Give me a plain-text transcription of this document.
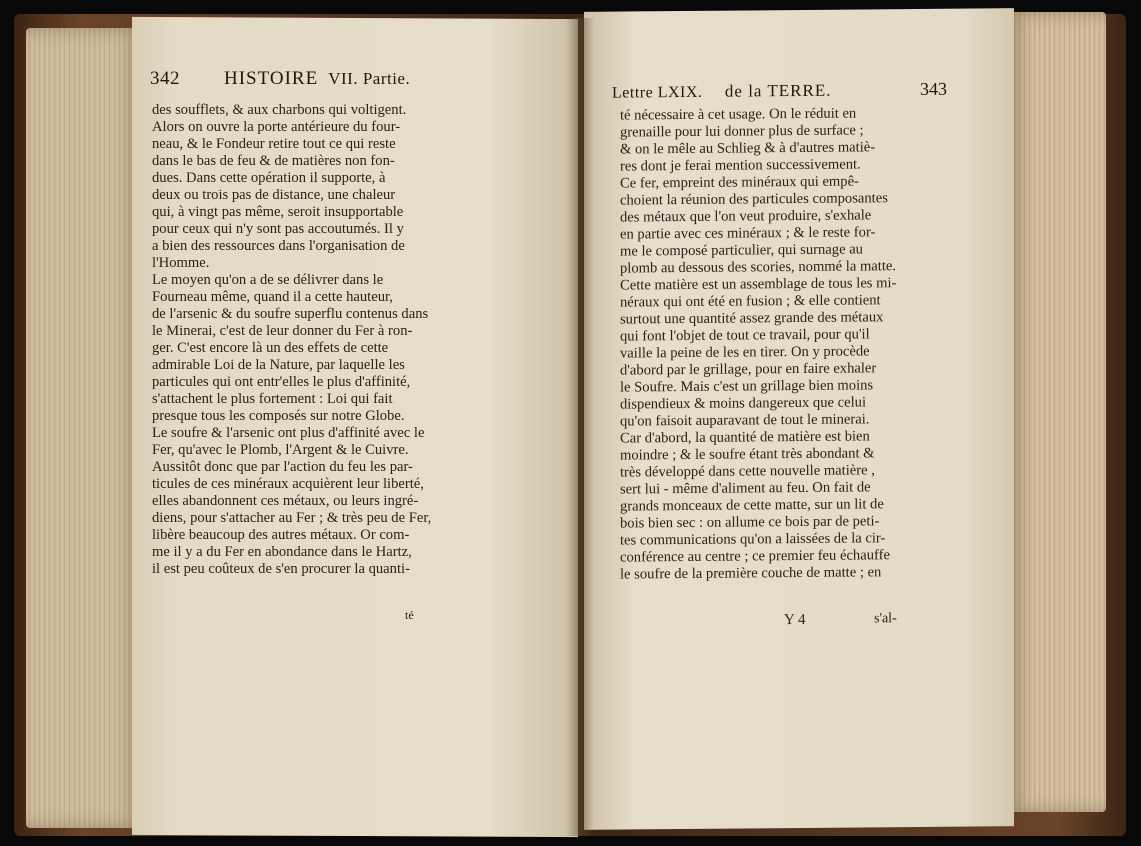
Lettre LXIX. de la TERRE.	343
té nécessaire à cet usage. On le réduit en
grenaille pour lui donner plus de surface ;
& on le mêle au Schlieg & à d'autres matiè-
res dont je ferai mention successivement.
Ce fer, empreint des minéraux qui empê-
choient la réunion des particules composantes
des métaux que l'on veut produire, s'exhale
en partie avec ces minéraux ; & le reste for-
me le composé particulier, qui surnage au
plomb au dessous des scories, nommé la matte.
Cette matière est un assemblage de tous les mi-
néraux qui ont été en fusion ; & elle contient
surtout une quantité assez grande des métaux
qui font l'objet de tout ce travail, pour qu'il
vaille la peine de les en tirer. On y procède
d'abord par le grillage, pour en faire exhaler
le Soufre. Mais c'est un grillage bien moins
dispendieux & moins dangereux que celui
qu'on faisoit auparavant de tout le minerai.
Car d'abord, la quantité de matière est bien
moindre ; & le soufre étant très abondant &
très développé dans cette nouvelle matière ,
sert lui - même d'aliment au feu. On fait de
grands monceaux de cette matte, sur un lit de
bois bien sec : on allume ce bois par de peti-
tes communications qu'on a laissées de la cir-
conférence au centre ; ce premier feu échauffe
le soufre de la première couche de matte ; en
Y 4	s'al-
342 HISTOIRE VII. Partie.
des soufflets, & aux charbons qui voltigent.
Alors on ouvre la porte antérieure du four-
neau, & le Fondeur retire tout ce qui reste
dans le bas de feu & de matières non fon-
dues. Dans cette opération il supporte, à
deux ou trois pas de distance, une chaleur
qui, à vingt pas même, seroit insupportable
pour ceux qui n'y sont pas accoutumés. Il y
a bien des ressources dans l'organisation de
l'Homme.
Le moyen qu'on a de se délivrer dans le
Fourneau même, quand il a cette hauteur,
de l'arsenic & du soufre superflu contenus dans
le Minerai, c'est de leur donner du Fer à ron-
ger. C'est encore là un des effets de cette
admirable Loi de la Nature, par laquelle les
particules qui ont entr'elles le plus d'affinité,
s'attachent le plus fortement : Loi qui fait
presque tous les composés sur notre Globe.
Le soufre & l'arsenic ont plus d'affinité avec le
Fer, qu'avec le Plomb, l'Argent & le Cuivre.
Aussitôt donc que par l'action du feu les par-
ticules de ces minéraux acquièrent leur liberté,
elles abandonnent ces métaux, ou leurs ingré-
diens, pour s'attacher au Fer ; & très peu de Fer,
libère beaucoup des autres métaux. Or com-
me il y a du Fer en abondance dans le Hartz,
il est peu coûteux de s'en procurer la quanti-
té
